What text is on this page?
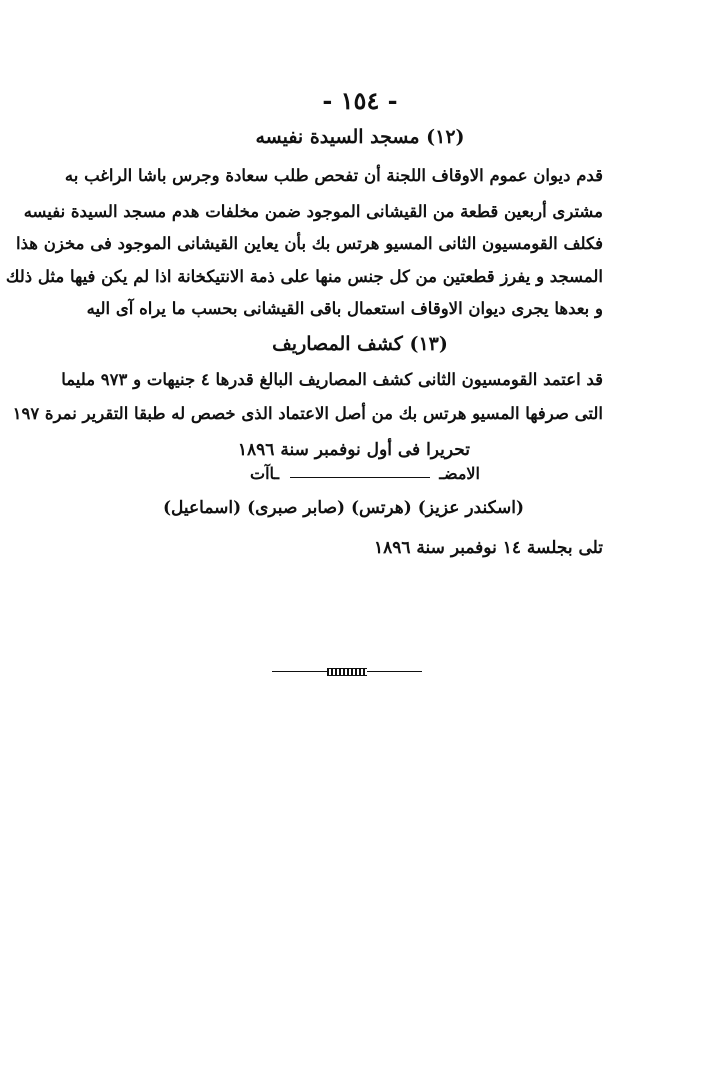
- ١٥٤ -
(١٢) مسجد السيدة نفيسه
قدم ديوان عموم الاوقاف اللجنة أن تفحص طلب سعادة وجرس باشا الراغب به
مشترى أربعين قطعة من القيشانى الموجود ضمن مخلفات هدم مسجد السيدة نفيسه
فكلف القومسيون الثانى المسيو هرتس بك بأن يعاين القيشانى الموجود فى مخزن هذا
المسجد و يفرز قطعتين من كل جنس منها على ذمة الانتيكخانة اذا لم يكن فيها مثل ذلك
و بعدها يجرى ديوان الاوقاف استعمال باقى القيشانى بحسب ما يراه آى اليه
(١٣) كشف المصاريف
قد اعتمد القومسيون الثانى كشف المصاريف البالغ قدرها ٤ جنيهات و ٩٧٣ مليما
التى صرفها المسيو هرتس بك من أصل الاعتماد الذى خصص له طبقا التقرير نمرة ١٩٧
تحريرا فى أول نوفمبر سنة ١٨٩٦
الامضـ
ـاآت
(اسكندر عزيز) (هرتس) (صابر صبرى) (اسماعيل)
تلى بجلسة ١٤ نوفمبر سنة ١٨٩٦
